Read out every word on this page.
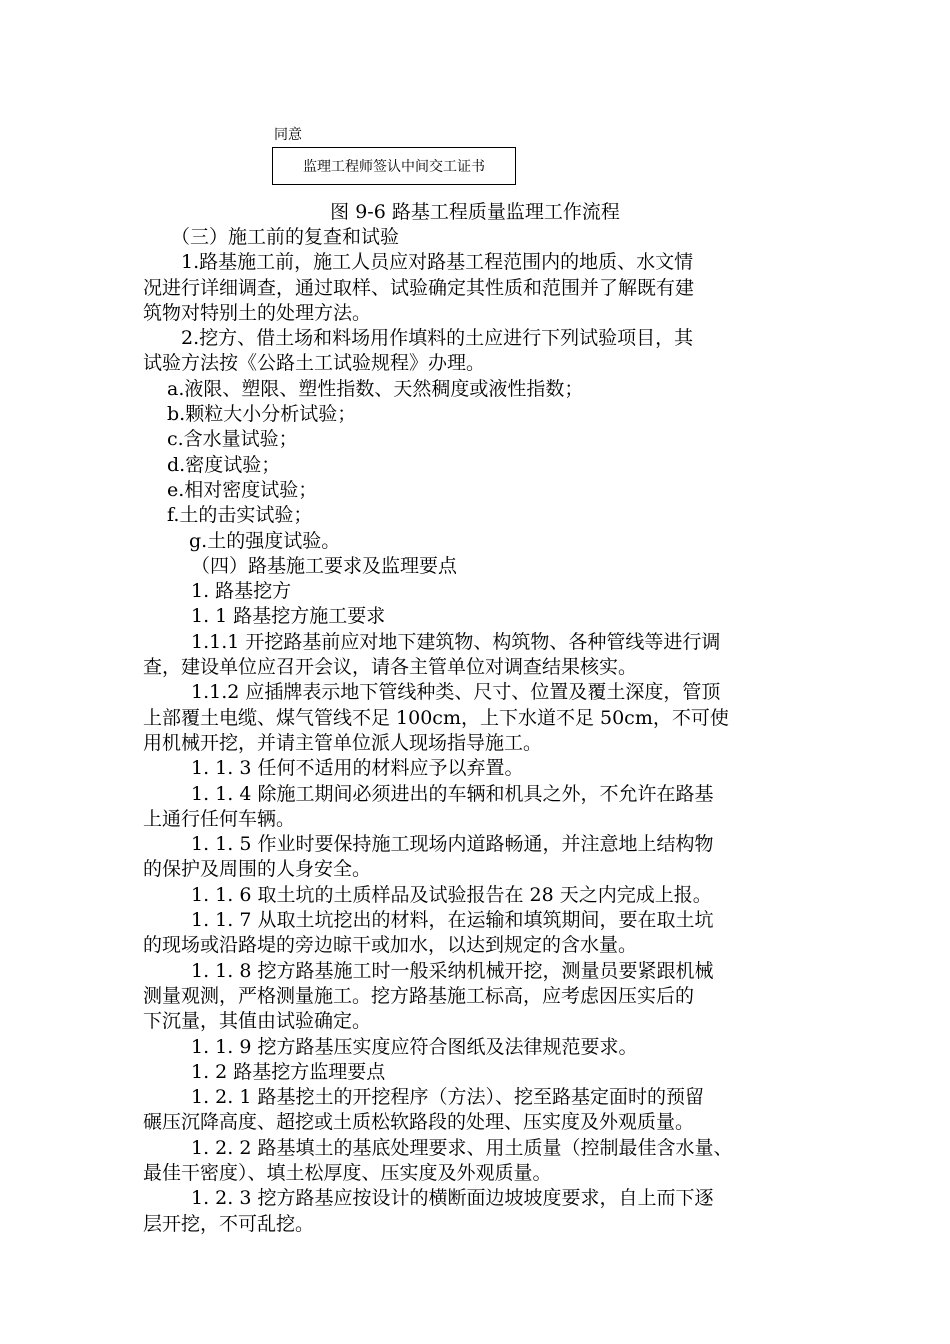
同意
监理工程师签认中间交工证书
图 9-6 路基工程质量监理工作流程

（三）施工前的复查和试验

1.路基施工前，施工人员应对路基工程范围内的地质、水文情

况进行详细调查，通过取样、试验确定其性质和范围并了解既有建

筑物对特别土的处理方法。

2.挖方、借土场和料场用作填料的土应进行下列试验项目，其

试验方法按《公路土工试验规程》办理。

a.液限、塑限、塑性指数、天然稠度或液性指数；

b.颗粒大小分析试验；

c.含水量试验；

d.密度试验；

e.相对密度试验；

f.土的击实试验；

g.土的强度试验。

（四）路基施工要求及监理要点

1. 路基挖方

1. 1 路基挖方施工要求

1.1.1 开挖路基前应对地下建筑物、构筑物、各种管线等进行调

查，建设单位应召开会议，请各主管单位对调查结果核实。

1.1.2 应插牌表示地下管线种类、尺寸、位置及覆土深度，管顶

上部覆土电缆、煤气管线不足 100cm，上下水道不足 50cm，不可使

用机械开挖，并请主管单位派人现场指导施工。

1. 1. 3 任何不适用的材料应予以弃置。

1. 1. 4 除施工期间必须进出的车辆和机具之外，不允许在路基

上通行任何车辆。

1. 1. 5 作业时要保持施工现场内道路畅通，并注意地上结构物

的保护及周围的人身安全。

1. 1. 6 取土坑的土质样品及试验报告在 28 天之内完成上报。

1. 1. 7 从取土坑挖出的材料，在运输和填筑期间，要在取土坑

的现场或沿路堤的旁边晾干或加水，以达到规定的含水量。

1. 1. 8 挖方路基施工时一般采纳机械开挖，测量员要紧跟机械

测量观测，严格测量施工。挖方路基施工标高，应考虑因压实后的

下沉量，其值由试验确定。

1. 1. 9 挖方路基压实度应符合图纸及法律规范要求。

1. 2 路基挖方监理要点

1. 2. 1 路基挖土的开挖程序（方法）、挖至路基定面时的预留

碾压沉降高度、超挖或土质松软路段的处理、压实度及外观质量。

1. 2. 2 路基填土的基底处理要求、用土质量（控制最佳含水量、

最佳干密度）、填土松厚度、压实度及外观质量。

1. 2. 3 挖方路基应按设计的横断面边坡坡度要求，自上而下逐

层开挖，不可乱挖。
